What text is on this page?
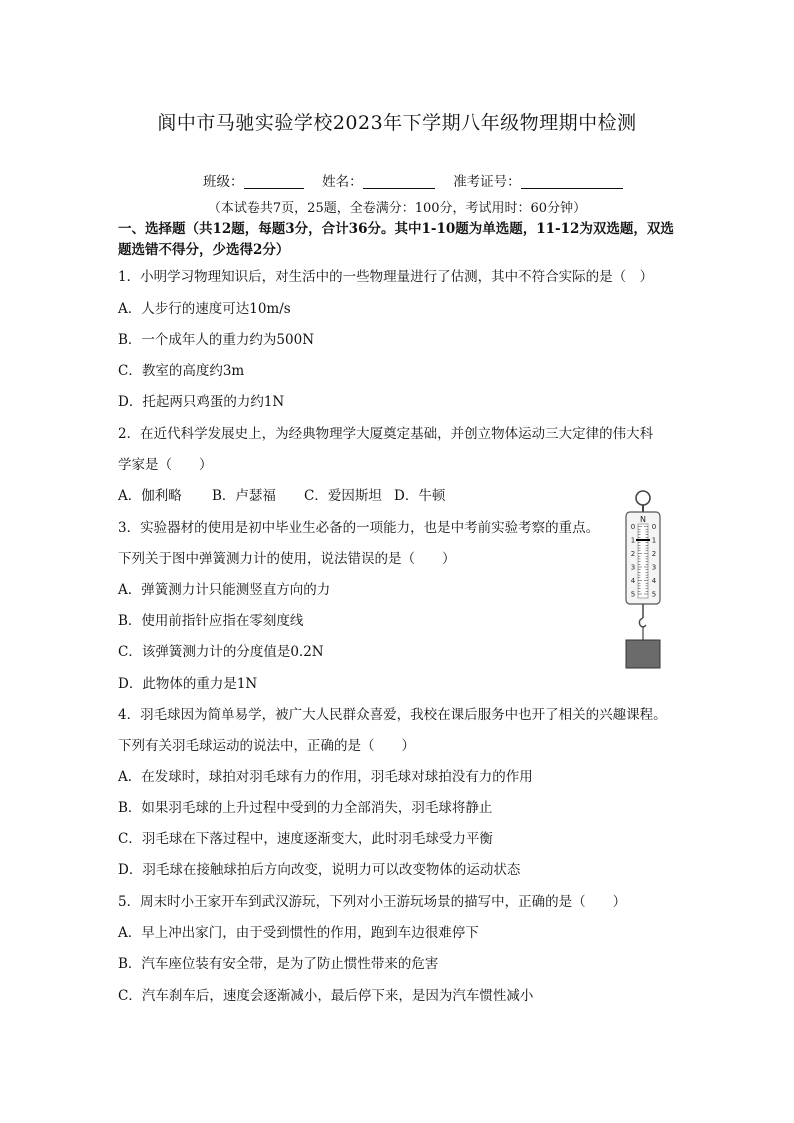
阆中市马驰实验学校2023年下学期八年级物理期中检测
班级：	姓名：	准考证号：
（本试卷共7页，25题，全卷满分：100分，考试用时：60分钟）
一、选择题（共12题，每题3分，合计36分。其中1-10题为单选题，11-12为双选题，双选题选错不得分，少选得2分）
1．小明学习物理知识后，对生活中的一些物理量进行了估测，其中不符合实际的是（　）
A．人步行的速度可达10m/s
B．一个成年人的重力约为500N
C．教室的高度约3m
D．托起两只鸡蛋的力约1N
2．在近代科学发展史上，为经典物理学大厦奠定基础，并创立物体运动三大定律的伟大科
学家是（　　）
A．伽利略 B．卢瑟福 C．爱因斯坦 D．牛顿
3．实验器材的使用是初中毕业生必备的一项能力，也是中考前实验考察的重点。
下列关于图中弹簧测力计的使用，说法错误的是（　　）
A．弹簧测力计只能测竖直方向的力
B．使用前指针应指在零刻度线
C．该弹簧测力计的分度值是0.2N
D．此物体的重力是1N
N
0
1
2
3
4
5
0
1
2
3
4
5
4．羽毛球因为简单易学，被广大人民群众喜爱，我校在课后服务中也开了相关的兴趣课程。
下列有关羽毛球运动的说法中，正确的是（　　）
A．在发球时，球拍对羽毛球有力的作用，羽毛球对球拍没有力的作用
B．如果羽毛球的上升过程中受到的力全部消失，羽毛球将静止
C．羽毛球在下落过程中，速度逐渐变大，此时羽毛球受力平衡
D．羽毛球在接触球拍后方向改变，说明力可以改变物体的运动状态
5．周末时小王家开车到武汉游玩，下列对小王游玩场景的描写中，正确的是（　　）
A．早上冲出家门，由于受到惯性的作用，跑到车边很难停下
B．汽车座位装有安全带，是为了防止惯性带来的危害
C．汽车刹车后，速度会逐渐减小，最后停下来，是因为汽车惯性减小
